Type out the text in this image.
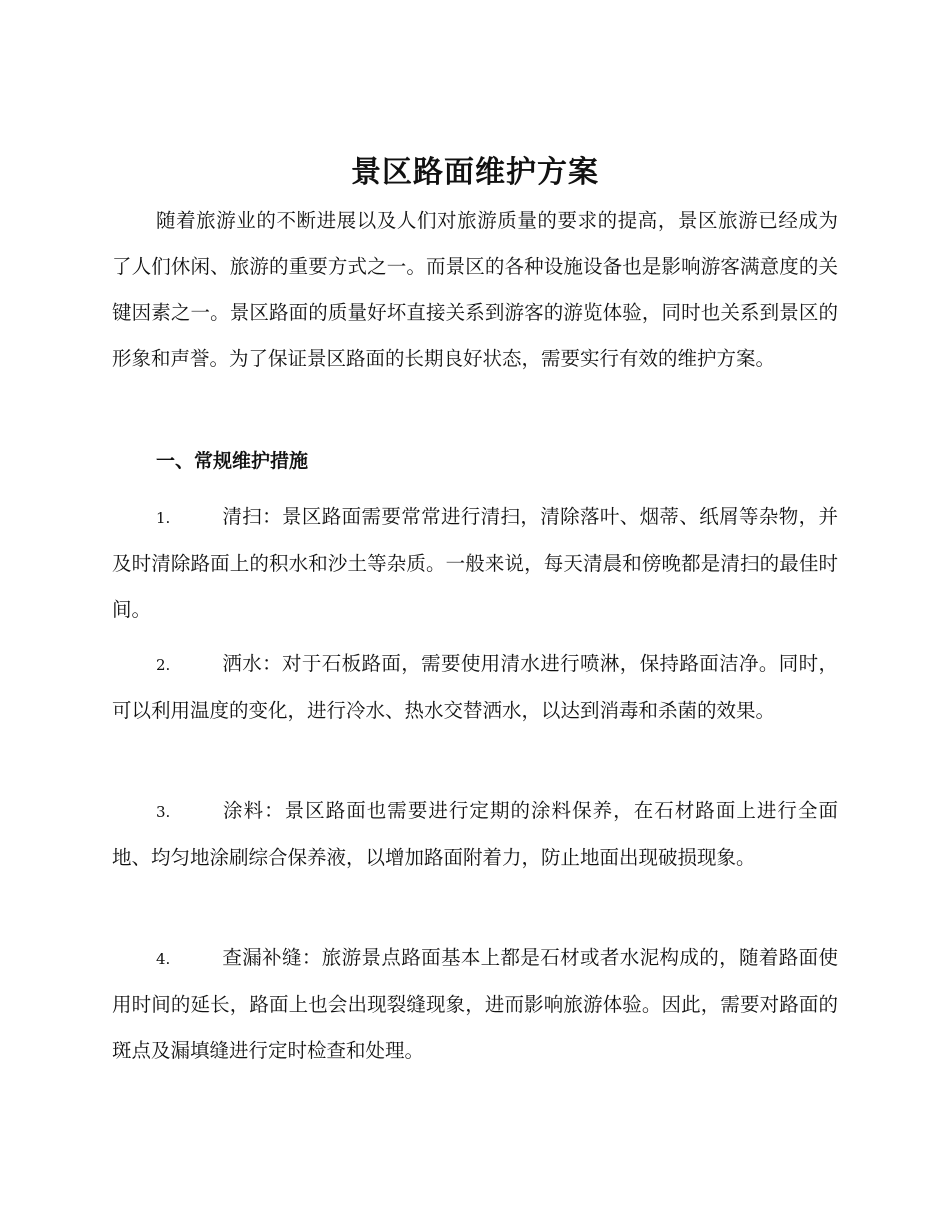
景区路面维护方案

随着旅游业的不断进展以及人们对旅游质量的要求的提高，景区旅游已经成为了人们休闲、旅游的重要方式之一。而景区的各种设施设备也是影响游客满意度的关键因素之一。景区路面的质量好坏直接关系到游客的游览体验，同时也关系到景区的形象和声誉。为了保证景区路面的长期良好状态，需要实行有效的维护方案。

一、常规维护措施

1.	清扫：景区路面需要常常进行清扫，清除落叶、烟蒂、纸屑等杂物，并及时清除路面上的积水和沙土等杂质。一般来说，每天清晨和傍晚都是清扫的最佳时间。

2.	洒水：对于石板路面，需要使用清水进行喷淋，保持路面洁净。同时，可以利用温度的变化，进行冷水、热水交替洒水，以达到消毒和杀菌的效果。

3.	涂料：景区路面也需要进行定期的涂料保养，在石材路面上进行全面地、均匀地涂刷综合保养液，以增加路面附着力，防止地面出现破损现象。

4.	查漏补缝：旅游景点路面基本上都是石材或者水泥构成的，随着路面使用时间的延长，路面上也会出现裂缝现象，进而影响旅游体验。因此，需要对路面的斑点及漏填缝进行定时检查和处理。
